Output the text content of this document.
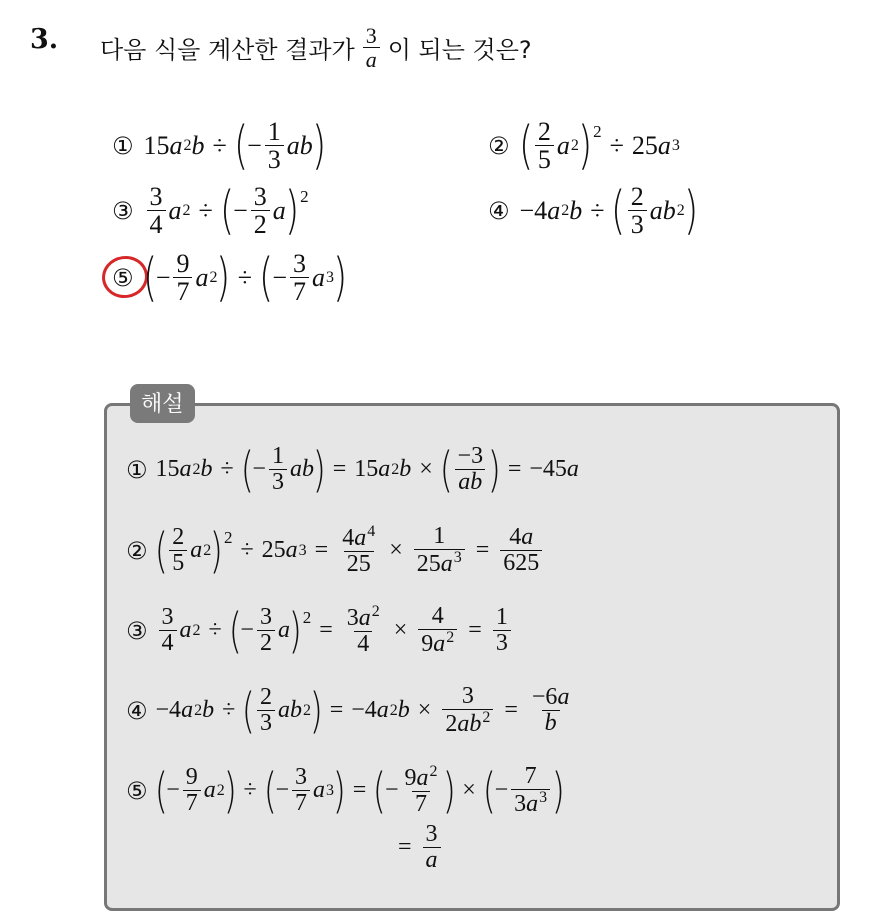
3. 다음 식을 계산한 결과가 $\frac{3}{a}$ 이 되는 것은?
① 15 a 2 b ÷ ( − $\frac{1}{3}$ ab )	② ( $\frac{2}{5}$ a 2 ) 2 ÷ 25 a 3
③ $\frac{3}{4}$ a 2 ÷ ( − $\frac{3}{2}$ a ) 2
④ −4 a 2 b ÷ ( $\frac{2}{3}$ ab 2 )
⑤ ( − $\frac{9}{7}$ a 2 ) ÷ ( − $\frac{3}{7}$ a 3 )
해설
① 15 a 2 b ÷ (
− $\frac{1}{3}$ ab
) = 15 a 2 b × ( $\frac{-3}{ab}$ ) = −45 a
② ( $\frac{2}{5}$ a 2
) 2 ÷ 25 a $3 = \frac{4a^4}{25} \times \frac{1}{25a^3} = \frac{4a}{625}$
③ $\frac{3}{4}$ a 2 ÷ (
− $\frac{3}{2}$ a
) $2 = \frac{3a^2}{4} \times \frac{4}{9a^2} = \frac{1}{3}$
④ −4 a 2 b ÷ ( $\frac{2}{3}$ ab 2
) = −4 a 2 $b \times \frac{3}{2ab^2} = \frac{-6a}{b}$
⑤ (
− $\frac{9}{7}$ a 2
) ÷ (
− $\frac{3}{7}$ a 3
) = (
− $\frac{9a^2}{7}$ ) × (
− $\frac{7}{3a^3}$ )
= $\frac{3}{a}$
